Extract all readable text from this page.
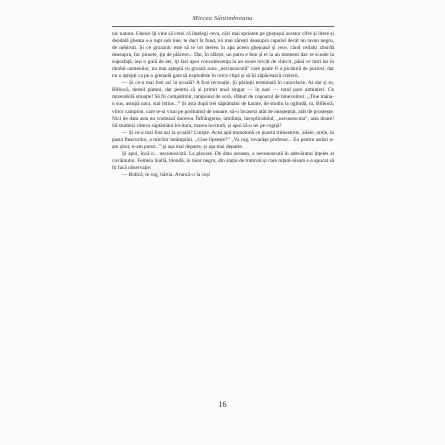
Mircea Sântimbreanu

nic natura. Uneori îți vine să crezi că înțelegi ceva, căci mai sprinten pe gheţușul acestor cifre și litere și deodată gheața s-a rupt sub tine, te duci la fund, nu mai zărești deasupra capului decât un tavan negru, de nebiruit. Și ce groaznic este să te tot mereu în apa aceea ghețoasă și rece, când ceilalți zburdă deasupra, fac piruete, țip de plăcere... Dar, în sfârșit, un patru e bun și el la un moment dat: te scoate la suprafață, ieși o gură de aer, iți faci apoi convalescența la un soare oricât de chircit, până ce intri iar în rândul oamenilor, nu mai așteptă cu groază acea „necunoscută” care poate fi o picătură de puricei, dar nu o aștepți ca pe o grenadă gata să explodeze în orice clipă și să îți zăpăcească creierii.

— Și ce-a mai fost azi la școală? A fost recreație. Și părinții terminată în cancelarie. Ai dat și tu, Bilbocă, destul pumni, dar pentru că ai primit unul singur — în nas! — totul pare alminteri. Ce mizerabilă situație! Să fii compătimit, tamponat de soră, sfătuit de copoarul de binevoitori: „Tine mâna-n sus, astupă nara, stai întins...” Și asta după trei săptămâni de karate, de studiu la oglindă, tu, Bilbocă, viitor campion, care te-si visai pe podiumul de onoare, să-o încasezi atât de neașteptat, atât de prostește. Nici de data asta nu contează durerea. Înfrângerea, umilința, inexplicabilul, „necunoscuta”, asta doare! Să studiezi câteva săptămâni lovitura, marea lovitură, și apoi să-o iei pe cogiță!

— Și ce-a mai fost azi la școală? Liniște. Acea apă monotonă ce poartă trimestrele, zilele, orele, în pasta fleacurilor, a micilor întâmplări. „Cine lipsește?” „Va rog, tovarășe profesor... Eu pentru astăzi n-am știut, n-am putut...” și așa mai departe, și așa mai departe.

Și apoi, încă o... necunoscută. La plecare. De data aceasta, o necunoscută în adevăratul înțeles al cuvântului. Femeia înaltă, blondă, în taior negru, din stația de tramvai și care nițam-nisam s-a apucat să îți facă observație:

— Ridică, te rog, hârtia. Aruncă-o la coș!

16
